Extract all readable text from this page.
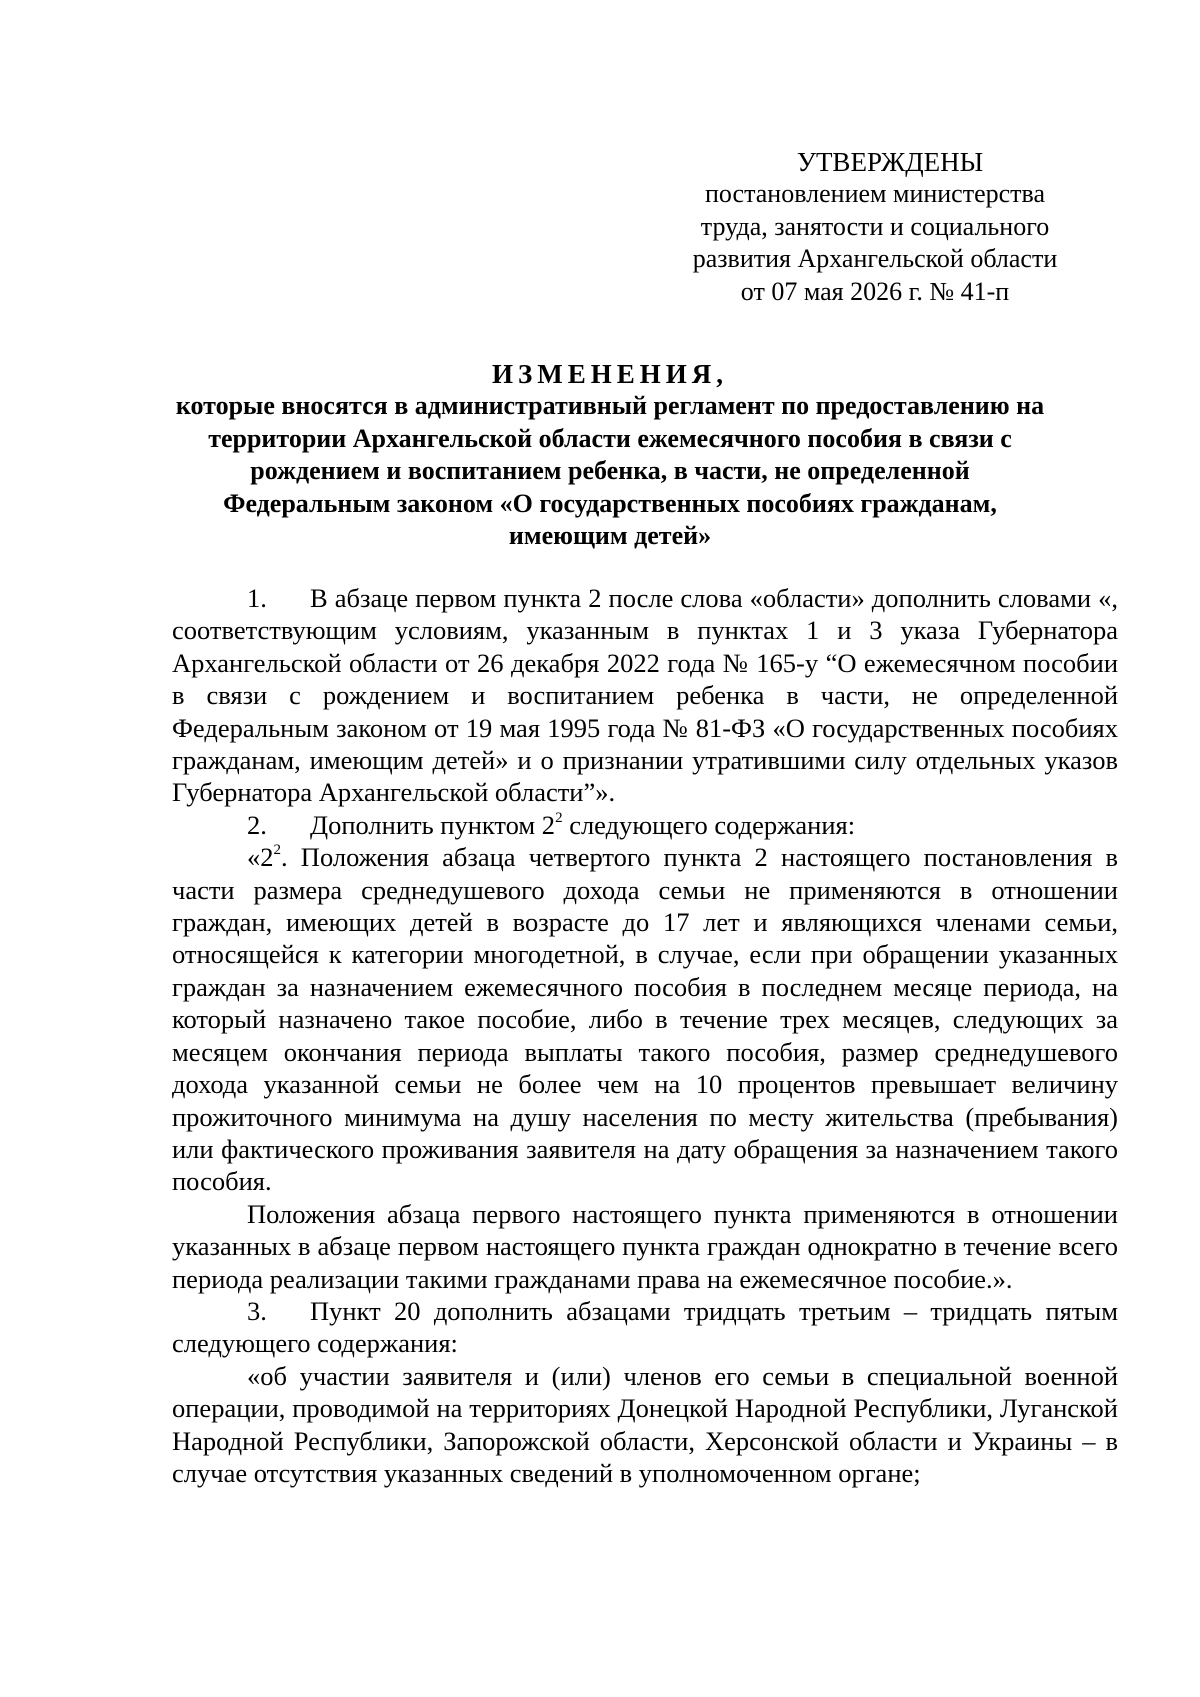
УТВЕРЖДЕНЫ
постановлением министерства
труда, занятости и социального
развития Архангельской области
от 07 мая 2026 г. № 41-п
ИЗМЕНЕНИЯ,
которые вносятся в административный регламент по предоставлению на территории Архангельской области ежемесячного пособия в связи с рождением и воспитанием ребенка, в части, не определенной Федеральным законом «О государственных пособиях гражданам, имеющим детей»

1. В абзаце первом пункта 2 после слова «области» дополнить словами «, соответствующим условиям, указанным в пунктах 1 и 3 указа Губернатора Архангельской области от 26 декабря 2022 года № 165-у “О ежемесячном пособии в связи с рождением и воспитанием ребенка в части, не определенной Федеральным законом от 19 мая 1995 года № 81-ФЗ «О государственных пособиях гражданам, имеющим детей» и о признании утратившими силу отдельных указов Губернатора Архангельской области”».

2. Дополнить пунктом $2^2$ следующего содержания:

«$2^2$. Положения абзаца четвертого пункта 2 настоящего постановления в части размера среднедушевого дохода семьи не применяются в отношении граждан, имеющих детей в возрасте до 17 лет и являющихся членами семьи, относящейся к категории многодетной, в случае, если при обращении указанных граждан за назначением ежемесячного пособия в последнем месяце периода, на который назначено такое пособие, либо в течение трех месяцев, следующих за месяцем окончания периода выплаты такого пособия, размер среднедушевого дохода указанной семьи не более чем на 10 процентов превышает величину прожиточного минимума на душу населения по месту жительства (пребывания) или фактического проживания заявителя на дату обращения за назначением такого пособия.

Положения абзаца первого настоящего пункта применяются в отношении указанных в абзаце первом настоящего пункта граждан однократно в течение всего периода реализации такими гражданами права на ежемесячное пособие.».

3. Пункт 20 дополнить абзацами тридцать третьим – тридцать пятым следующего содержания:

«об участии заявителя и (или) членов его семьи в специальной военной операции, проводимой на территориях Донецкой Народной Республики, Луганской Народной Республики, Запорожской области, Херсонской области и Украины – в случае отсутствия указанных сведений в уполномоченном органе;
